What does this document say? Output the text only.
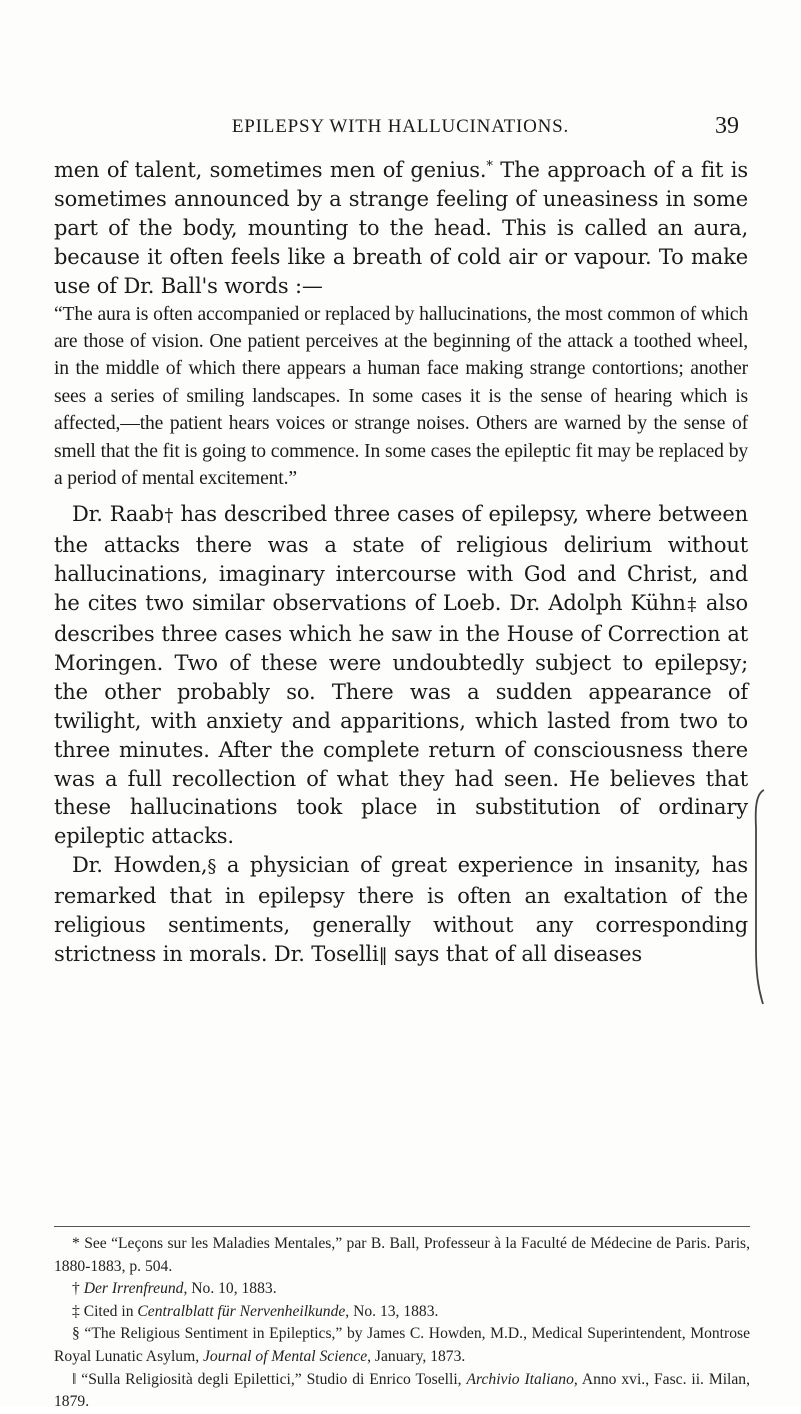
EPILEPSY WITH HALLUCINATIONS.	39

men of talent, sometimes men of genius.* The approach of a fit is sometimes announced by a strange feeling of uneasiness in some part of the body, mounting to the head. This is called an aura, because it often feels like a breath of cold air or vapour. To make use of Dr. Ball's words :—

“The aura is often accompanied or replaced by hallucinations, the most common of which are those of vision. One patient perceives at the beginning of the attack a toothed wheel, in the middle of which there appears a human face making strange contortions; another sees a series of smiling landscapes. In some cases it is the sense of hearing which is affected,—the patient hears voices or strange noises. Others are warned by the sense of smell that the fit is going to commence. In some cases the epileptic fit may be replaced by a period of mental excitement.”

Dr. Raab† has described three cases of epilepsy, where between the attacks there was a state of religious delirium without hallucinations, imaginary intercourse with God and Christ, and he cites two similar observations of Loeb. Dr. Adolph Kühn‡ also describes three cases which he saw in the House of Correction at Moringen. Two of these were undoubtedly subject to epilepsy; the other probably so. There was a sudden appearance of twilight, with anxiety and apparitions, which lasted from two to three minutes. After the complete return of consciousness there was a full recollection of what they had seen. He believes that these hallucinations took place in substitution of ordinary epileptic attacks.

Dr. Howden,§ a physician of great experience in insanity, has remarked that in epilepsy there is often an exaltation of the religious sentiments, generally without any corresponding strictness in morals. Dr. Toselli‖ says that of all diseases

* See “Leçons sur les Maladies Mentales,” par B. Ball, Professeur à la Faculté de Médecine de Paris. Paris, 1880-1883, p. 504.

† Der Irrenfreund, No. 10, 1883.

‡ Cited in Centralblatt für Nervenheilkunde, No. 13, 1883.

§ “The Religious Sentiment in Epileptics,” by James C. Howden, M.D., Medical Superintendent, Montrose Royal Lunatic Asylum, Journal of Mental Science, January, 1873.

‖ “Sulla Religiosità degli Epilettici,” Studio di Enrico Toselli, Archivio Italiano, Anno xvi., Fasc. ii. Milan, 1879.
